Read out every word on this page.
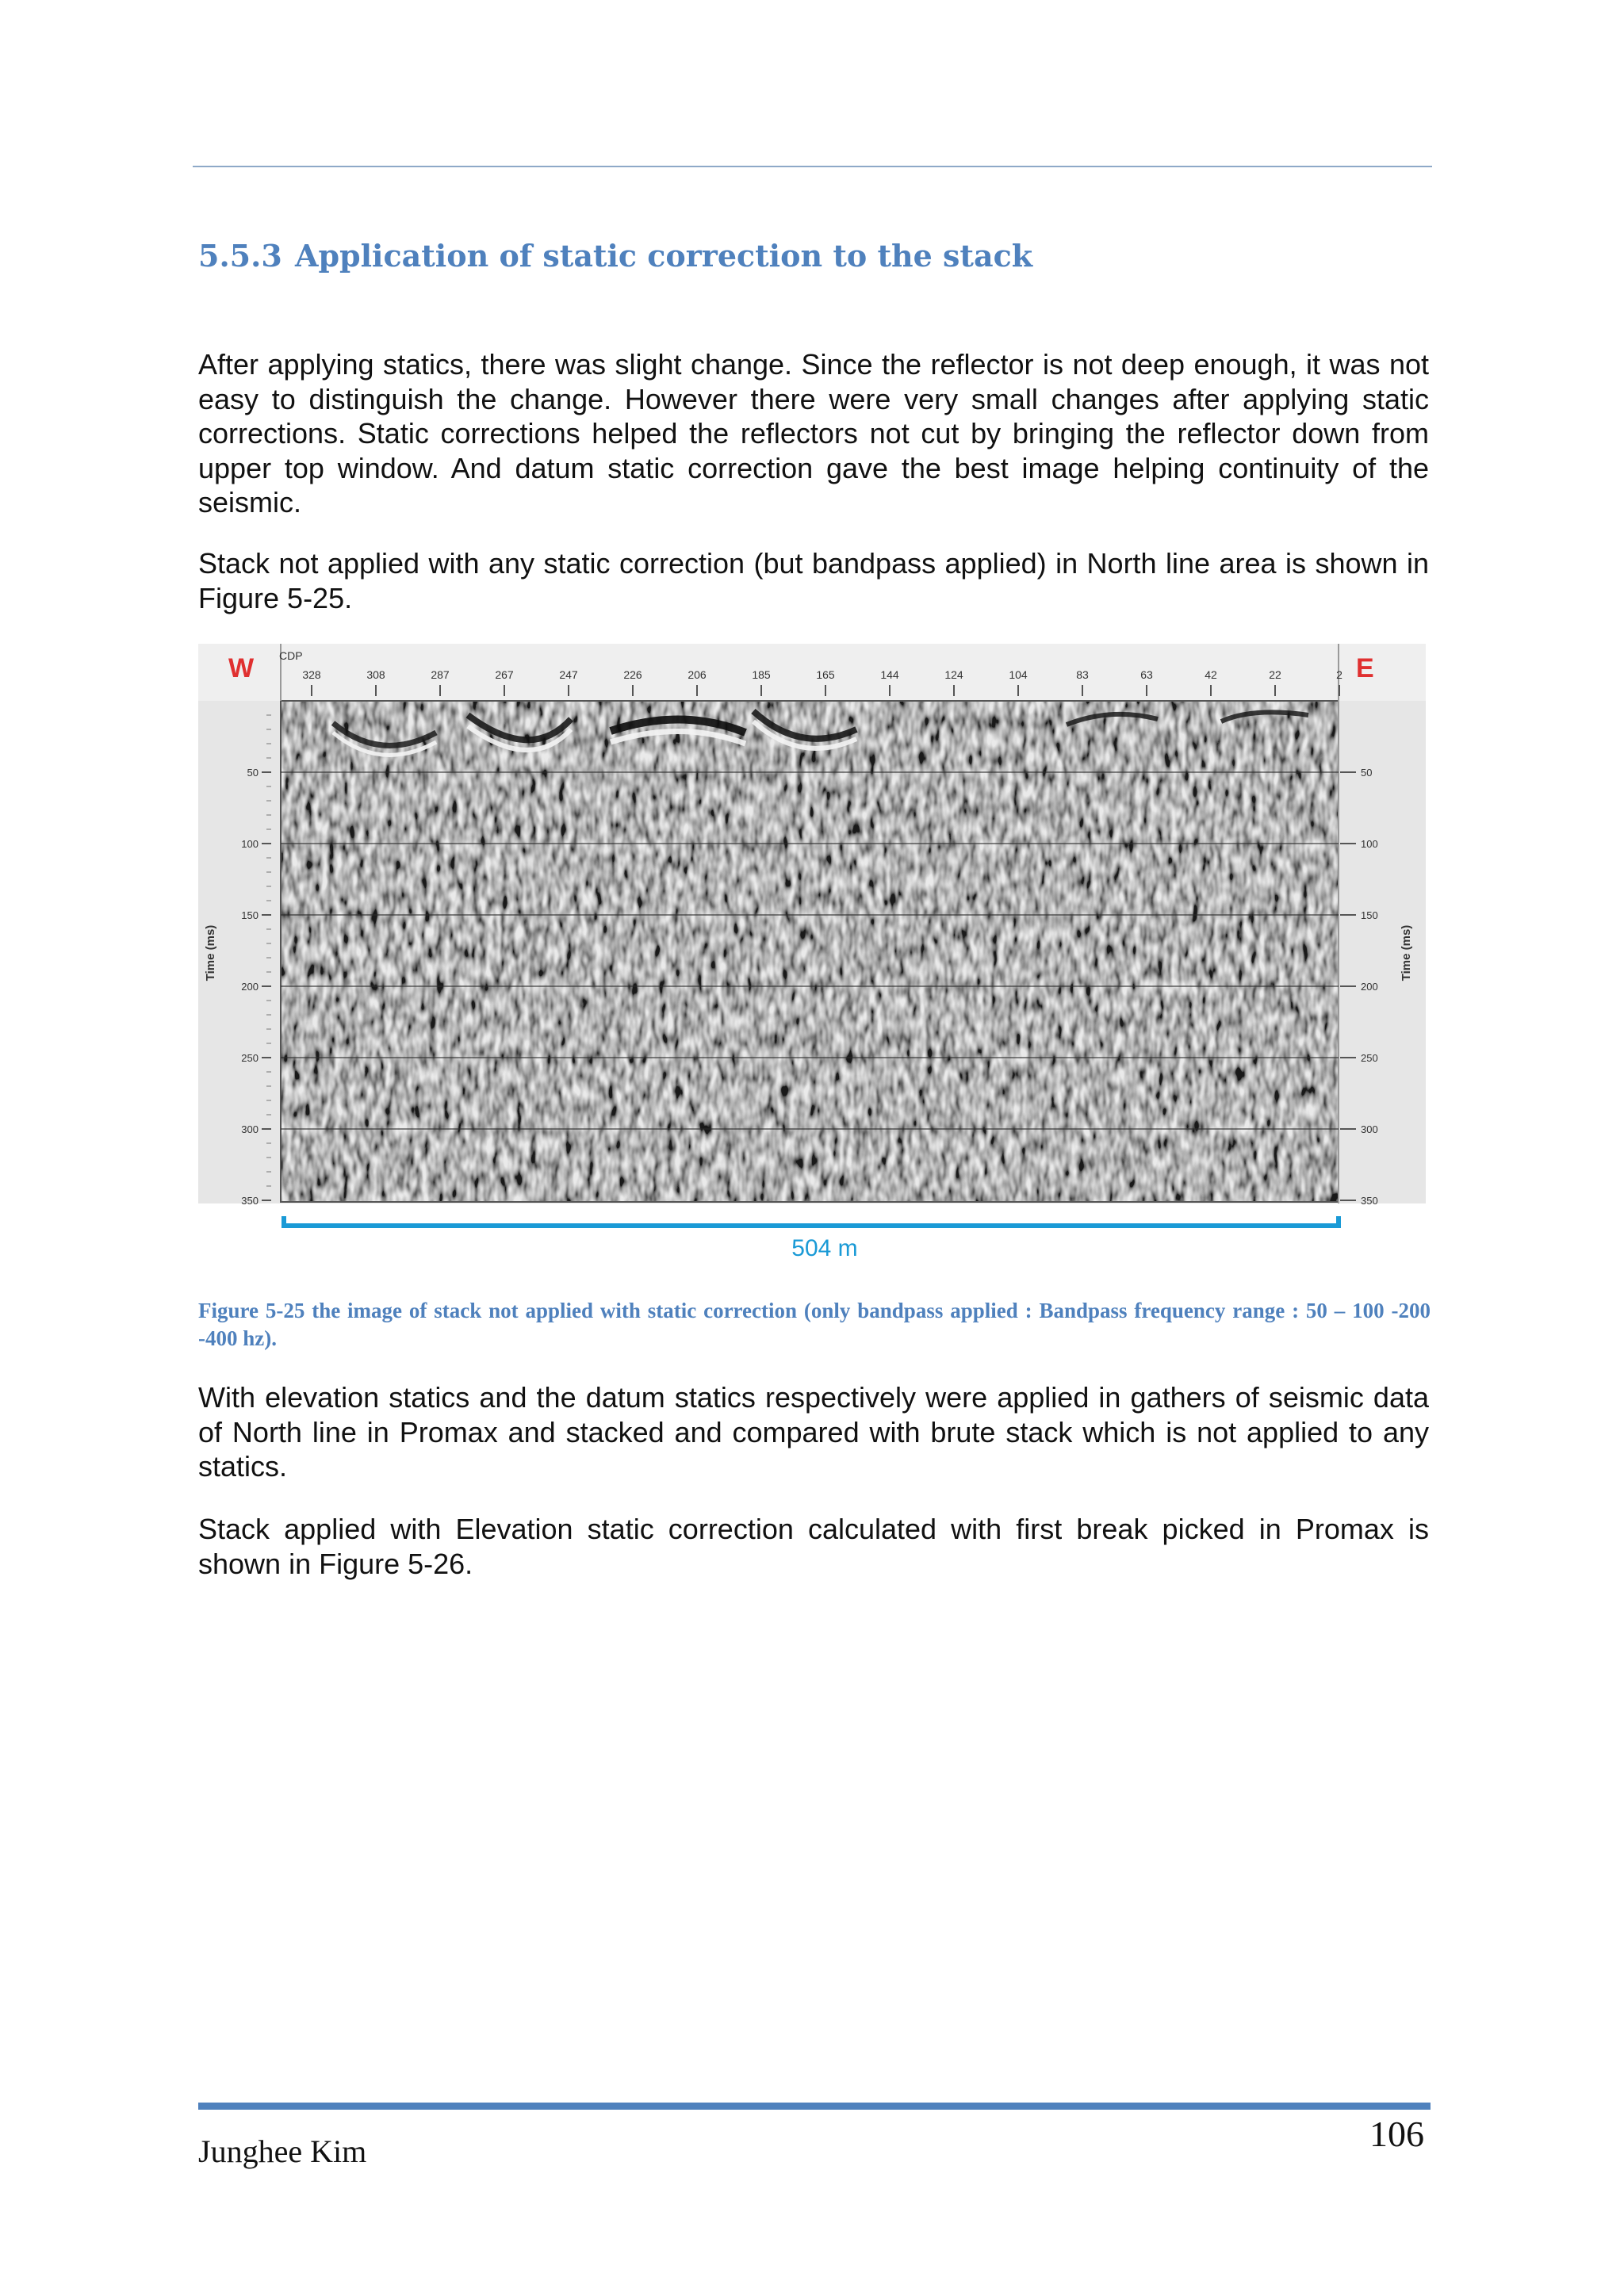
5.5.3 Application of static correction to the stack

After applying statics, there was slight change. Since the reflector is not deep enough, it was not easy to distinguish the change. However there were very small changes after applying static corrections. Static corrections helped the reflectors not cut by bringing the reflector down from upper top window. And datum static correction gave the best image helping continuity of the seismic.

Stack not applied with any static correction (but bandpass applied) in North line area is shown in Figure 5-25.

328	308	287	267	247	226	206	185	165	144	124	104	83	63	42	22	2
50
100
150
200
250
300
350
50
100
150
200
250
300
350
W	E
CDP
Time (ms)	Time (ms)
504 m
Figure 5-25 the image of stack not applied with static correction (only bandpass applied : Bandpass frequency range : 50 – 100 -200 -400 hz).

With elevation statics and the datum statics respectively were applied in gathers of seismic data of North line in Promax and stacked and compared with brute stack which is not applied to any statics.

Stack applied with Elevation static correction calculated with first break picked in Promax is shown in Figure 5-26.

106
Junghee Kim
